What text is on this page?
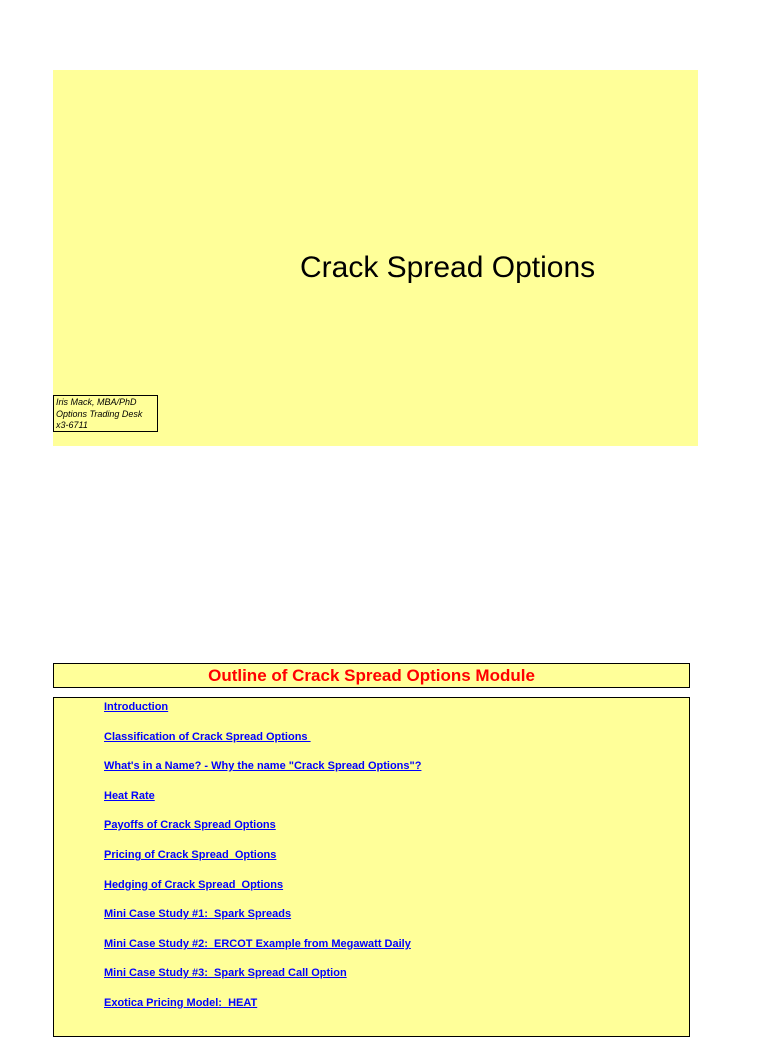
Crack Spread Options
Iris Mack, MBA/PhD
Options Trading Desk
x3-6711
Outline of Crack Spread Options Module
Introduction
Classification of Crack Spread Options
What's in a Name? - Why the name "Crack Spread Options"?
Heat Rate
Payoffs of Crack Spread Options
Pricing of Crack Spread  Options
Hedging of Crack Spread  Options
Mini Case Study #1:  Spark Spreads
Mini Case Study #2:  ERCOT Example from Megawatt Daily
Mini Case Study #3:  Spark Spread Call Option
Exotica Pricing Model:  HEAT
